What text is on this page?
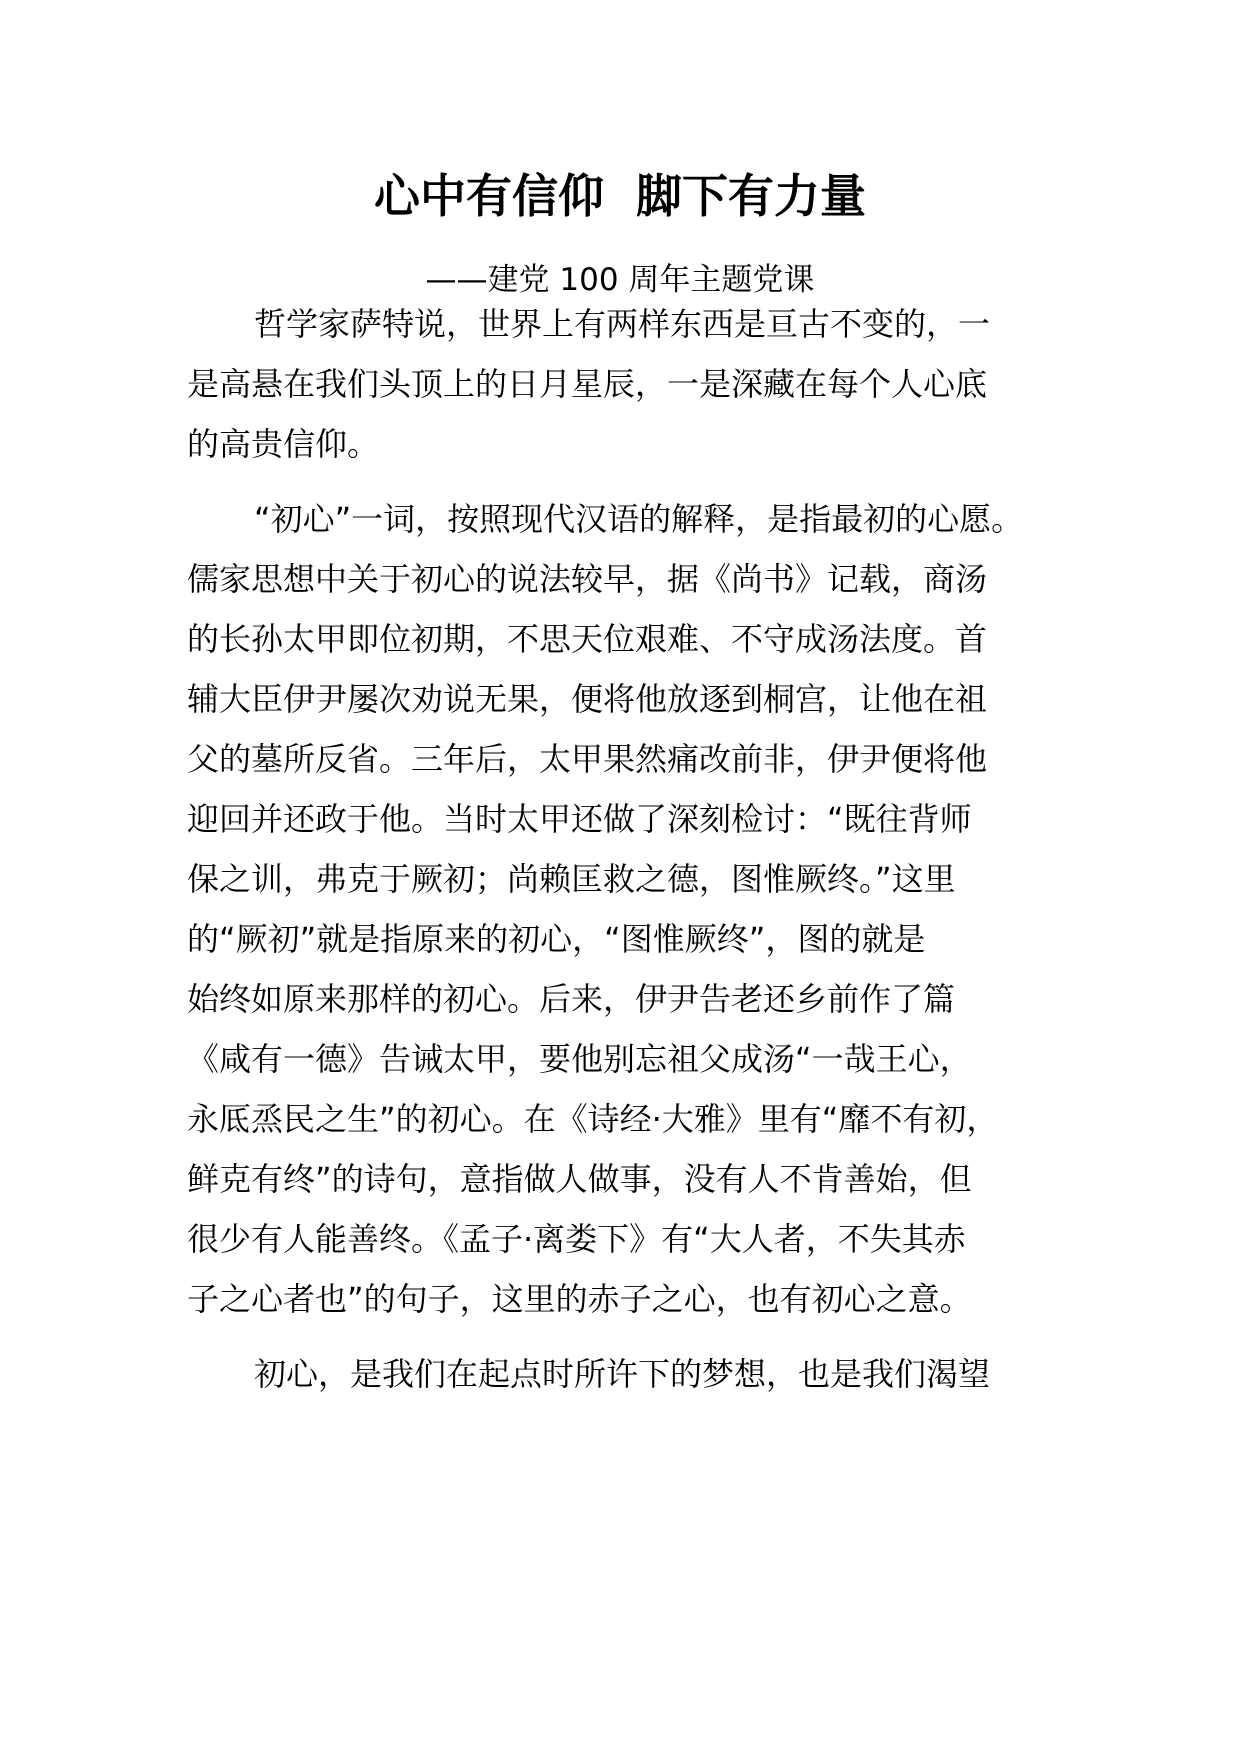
心中有信仰  脚下有力量
——建党 100 周年主题党课
哲学家萨特说，世界上有两样东西是亘古不变的，一
是高悬在我们头顶上的日月星辰，一是深藏在每个人心底
的高贵信仰。
“初心”一词，按照现代汉语的解释，是指最初的心愿。
儒家思想中关于初心的说法较早，据《尚书》记载，商汤
的长孙太甲即位初期，不思天位艰难、不守成汤法度。首
辅大臣伊尹屡次劝说无果，便将他放逐到桐宫，让他在祖
父的墓所反省。三年后，太甲果然痛改前非，伊尹便将他
迎回并还政于他。当时太甲还做了深刻检讨：“既往背师
保之训，弗克于厥初；尚赖匡救之德，图惟厥终。”这里
的“厥初”就是指原来的初心，“图惟厥终”，图的就是
始终如原来那样的初心。后来，伊尹告老还乡前作了篇
《咸有一德》告诫太甲，要他别忘祖父成汤“一哉王心，
永厎烝民之生”的初心。在《诗经·大雅》里有“靡不有初，
鲜克有终”的诗句，意指做人做事，没有人不肯善始，但
很少有人能善终。《孟子·离娄下》有“大人者，不失其赤
子之心者也”的句子，这里的赤子之心，也有初心之意。
初心，是我们在起点时所许下的梦想，也是我们渴望
